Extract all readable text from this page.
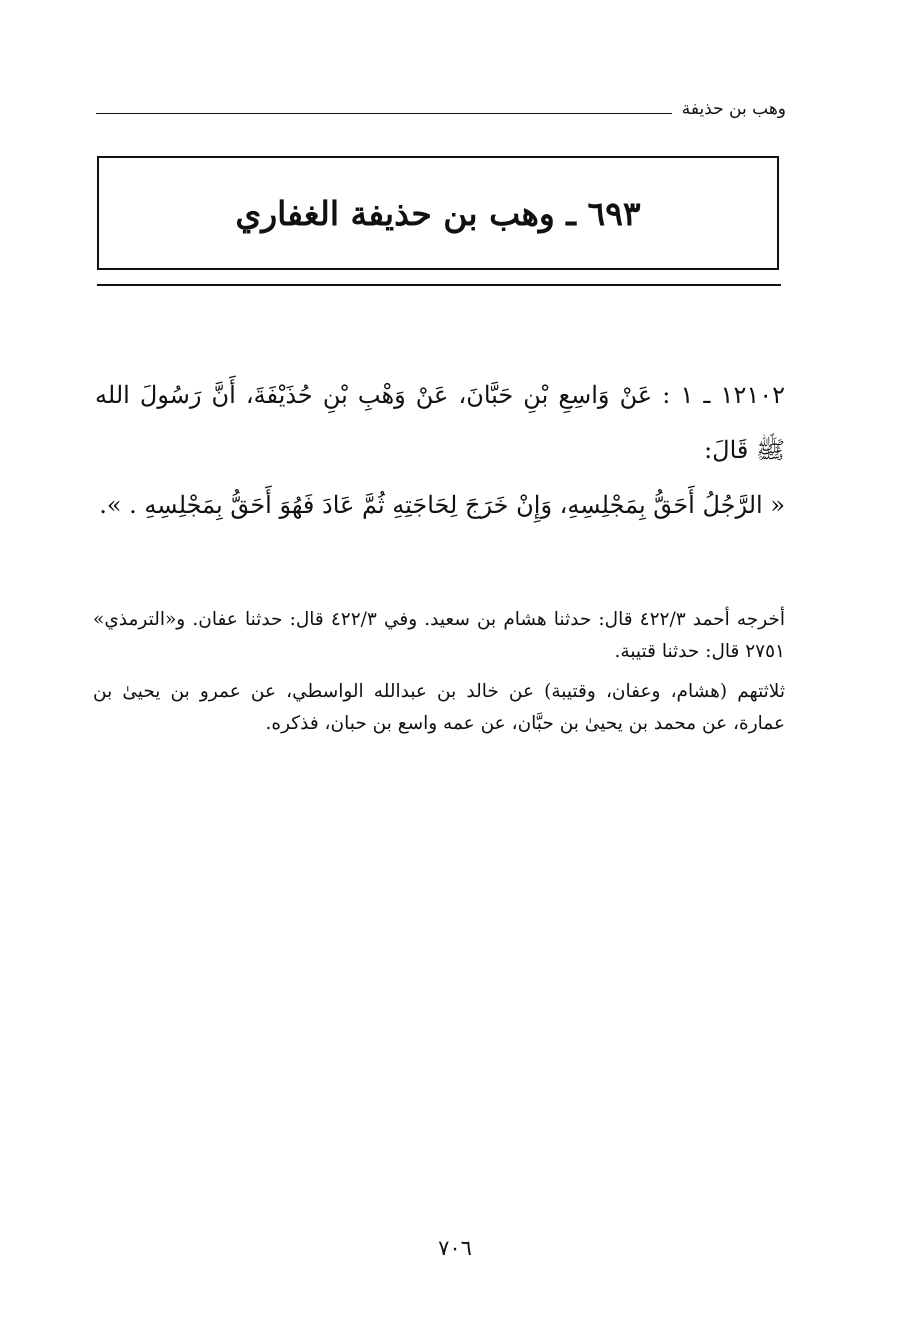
وهب بن حذيفة
٦٩٣ ـ وهب بن حذيفة الغفاري

١٢١٠٢ ـ ١ : عَنْ وَاسِعِ بْنِ حَبَّانَ، عَنْ وَهْبِ بْنِ حُذَيْفَةَ، أَنَّ رَسُولَ الله ﷺ قَالَ:

« الرَّجُلُ أَحَقُّ بِمَجْلِسِهِ، وَإِنْ خَرَجَ لِحَاجَتِهِ ثُمَّ عَادَ فَهُوَ أَحَقُّ بِمَجْلِسِهِ . ».

أخرجه أحمد ٤٢٢/٣ قال: حدثنا هشام بن سعيد. وفي ٤٢٢/٣ قال: حدثنا عفان. و«الترمذي» ٢٧٥١ قال: حدثنا قتيبة.

ثلاثتهم (هشام، وعفان، وقتيبة) عن خالد بن عبدالله الواسطي، عن عمرو بن يحيىٰ بن عمارة، عن محمد بن يحيىٰ بن حبَّان، عن عمه واسع بن حبان، فذكره.

٧٠٦
